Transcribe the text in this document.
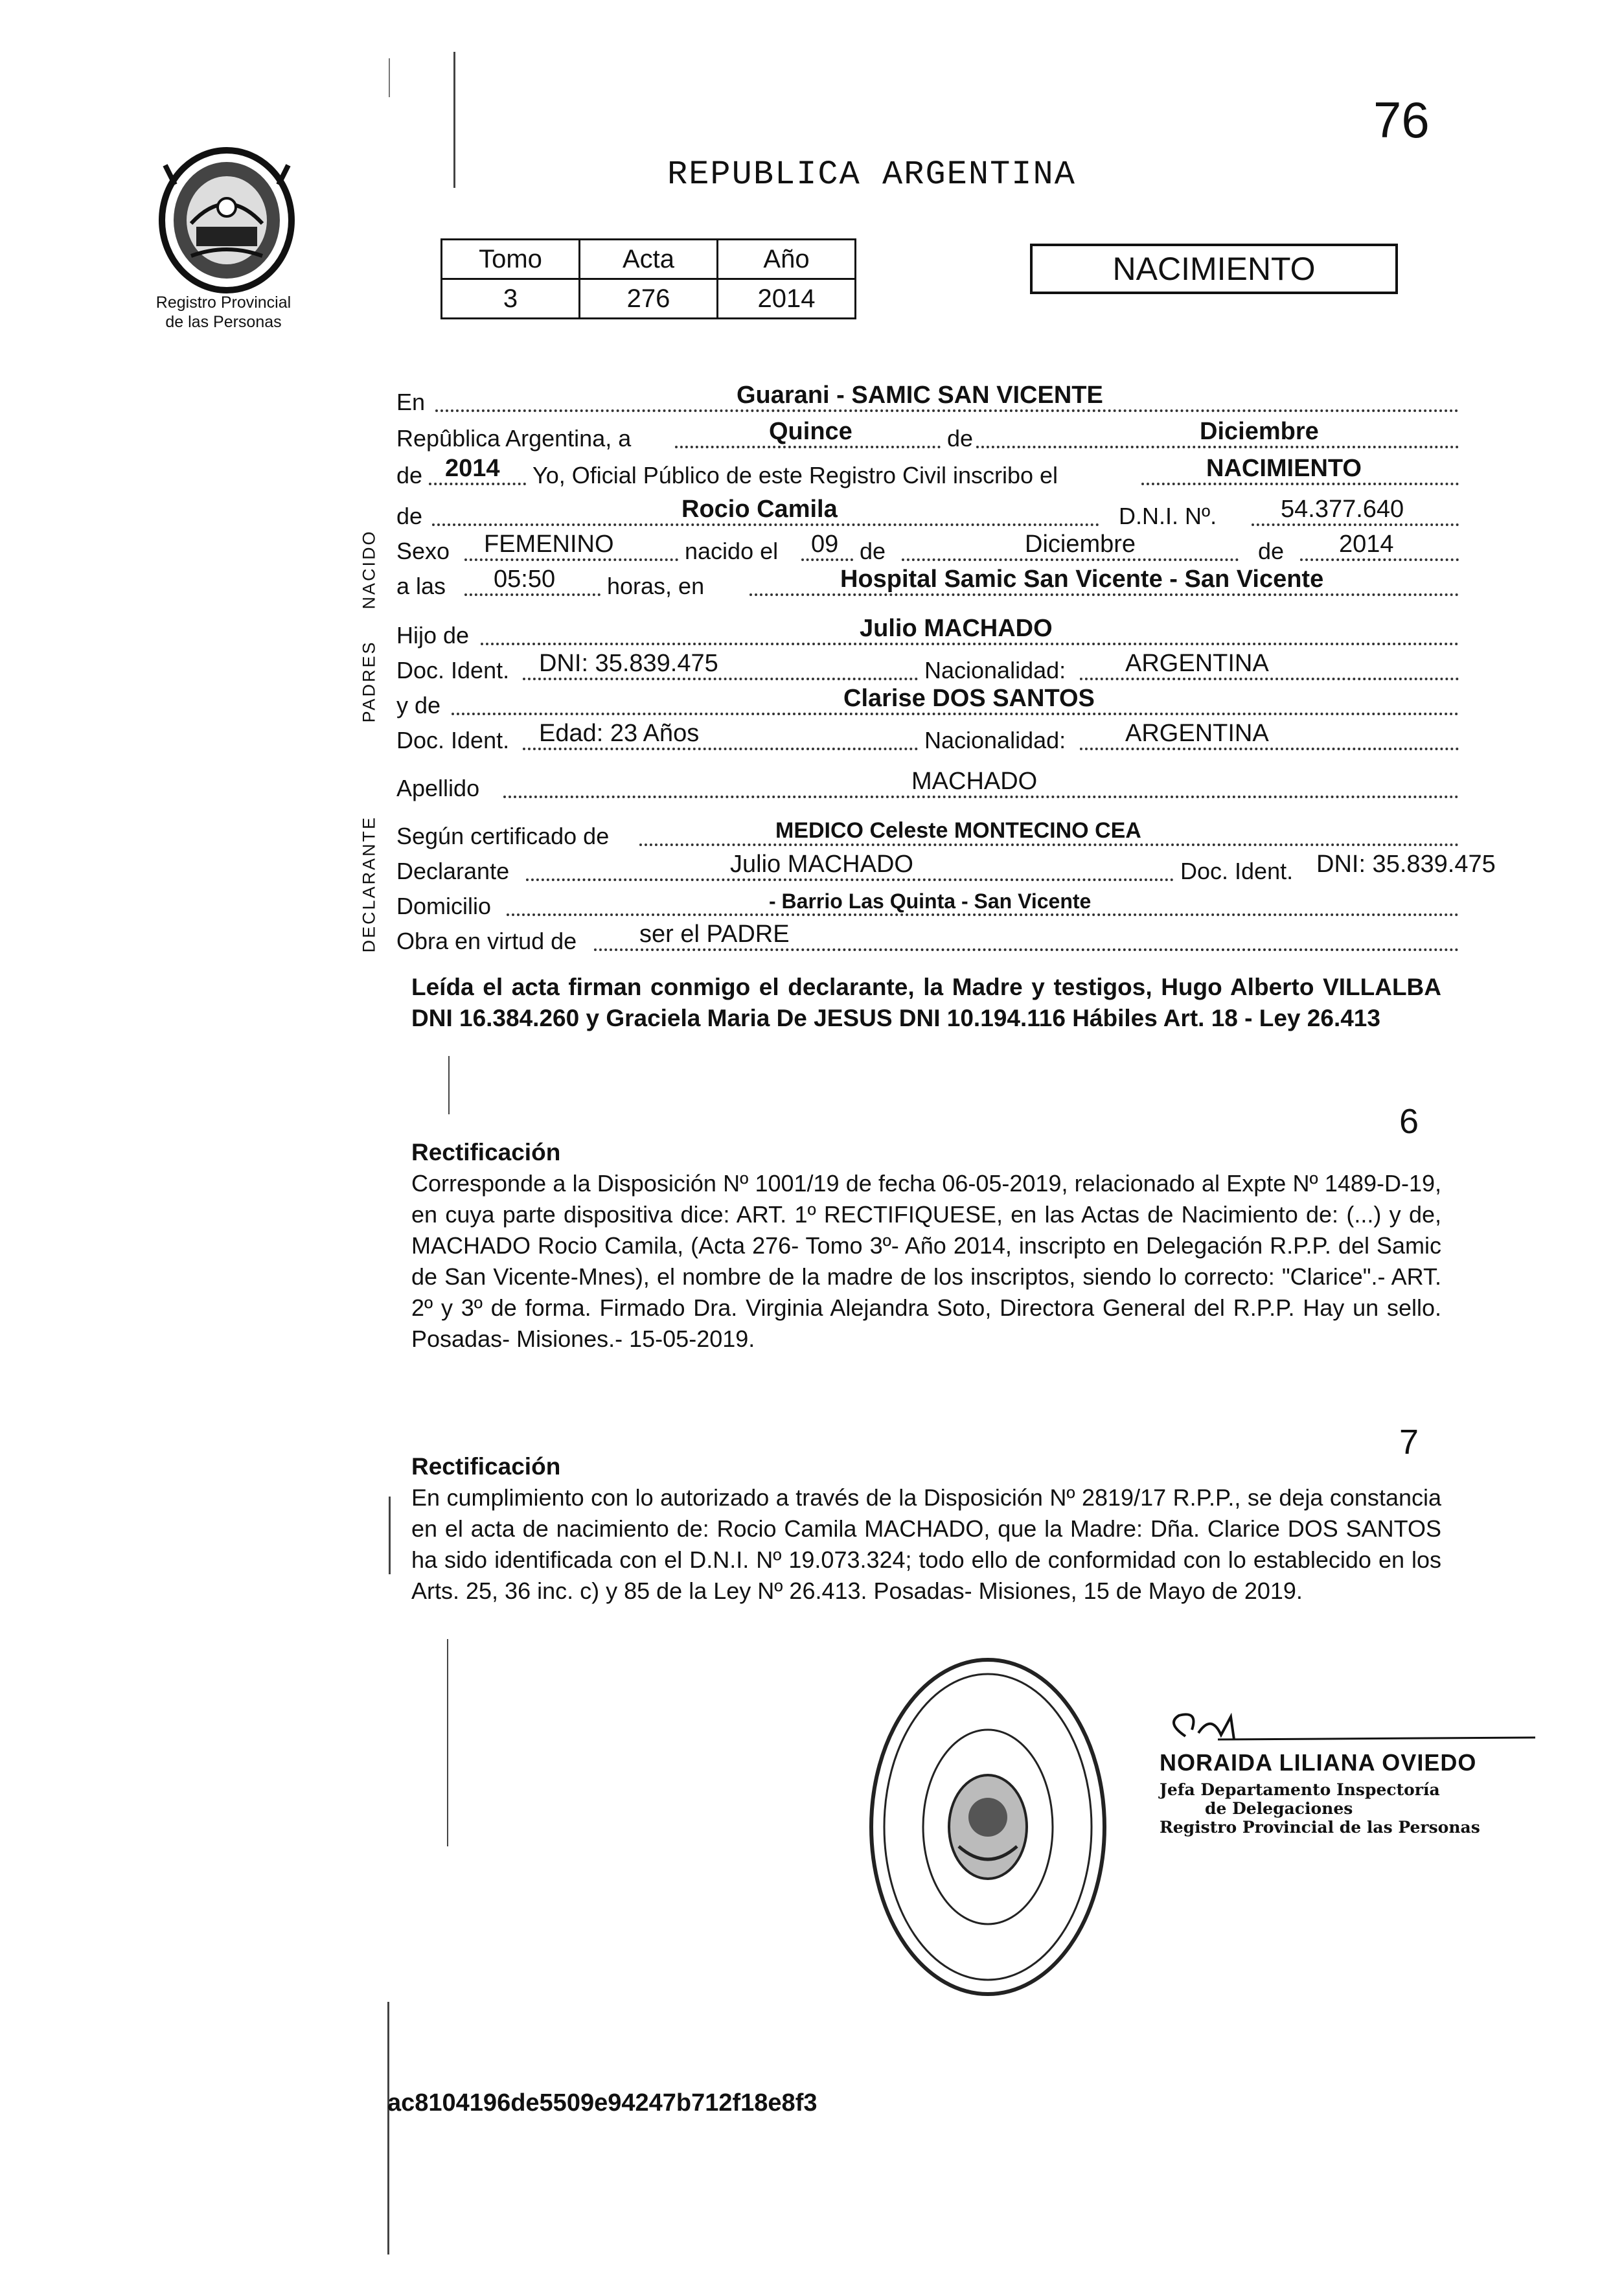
76
REPUBLICA ARGENTINA
Registro Provincial
de las Personas
Tomo	Acta	Año
3	276	2014
NACIMIENTO
NACIDO
PADRES
DECLARANTE
En	Guarani - SAMIC SAN VICENTE
Repûblica Argentina, a	Quince	de	Diciembre
de 2014 Yo, Oficial Público de este Registro Civil inscribo el	NACIMIENTO
de	Rocio Camila	D.N.I. Nº.	54.377.640
Sexo FEMENINO	nacido el 09 de	Diciembre	de 2014
a las 05:50 horas, en	Hospital Samic San Vicente - San Vicente
Hijo de	Julio MACHADO
Doc. Ident. DNI: 35.839.475	Nacionalidad: ARGENTINA
y de	Clarise DOS SANTOS
Doc. Ident. Edad: 23 Años	Nacionalidad: ARGENTINA
Apellido	MACHADO
Según certificado de	MEDICO Celeste MONTECINO CEA
Declarante	Julio MACHADO	Doc. Ident. DNI: 35.839.475
Domicilio	- Barrio Las Quinta - San Vicente
Obra en virtud de	ser el PADRE
Leída el acta firman conmigo el declarante, la Madre y testigos, Hugo Alberto VILLALBA DNI 16.384.260 y Graciela Maria De JESUS DNI 10.194.116 Hábiles Art. 18 - Ley 26.413
6
Rectificación
Corresponde a la Disposición Nº 1001/19 de fecha 06-05-2019, relacionado al Expte Nº 1489-D-19, en cuya parte dispositiva dice: ART. 1º RECTIFIQUESE, en las Actas de Nacimiento de: (...) y de, MACHADO Rocio Camila, (Acta 276- Tomo 3º- Año 2014, inscripto en Delegación R.P.P. del Samic de San Vicente-Mnes), el nombre de la madre de los inscriptos, siendo lo correcto: "Clarice".- ART. 2º y 3º de forma. Firmado Dra. Virginia Alejandra Soto, Directora General del R.P.P. Hay un sello. Posadas- Misiones.- 15-05-2019.
7
Rectificación
En cumplimiento con lo autorizado a través de la Disposición Nº 2819/17 R.P.P., se deja constancia en el acta de nacimiento de: Rocio Camila MACHADO, que la Madre: Dña. Clarice DOS SANTOS ha sido identificada con el D.N.I. Nº 19.073.324; todo ello de conformidad con lo establecido en los Arts. 25, 36 inc. c) y 85 de la Ley Nº 26.413. Posadas- Misiones, 15 de Mayo de 2019.
NORAIDA LILIANA OVIEDO
Jefa Departamento Inspectoría
de Delegaciones
Registro Provincial de las Personas
ac8104196de5509e94247b712f18e8f3
